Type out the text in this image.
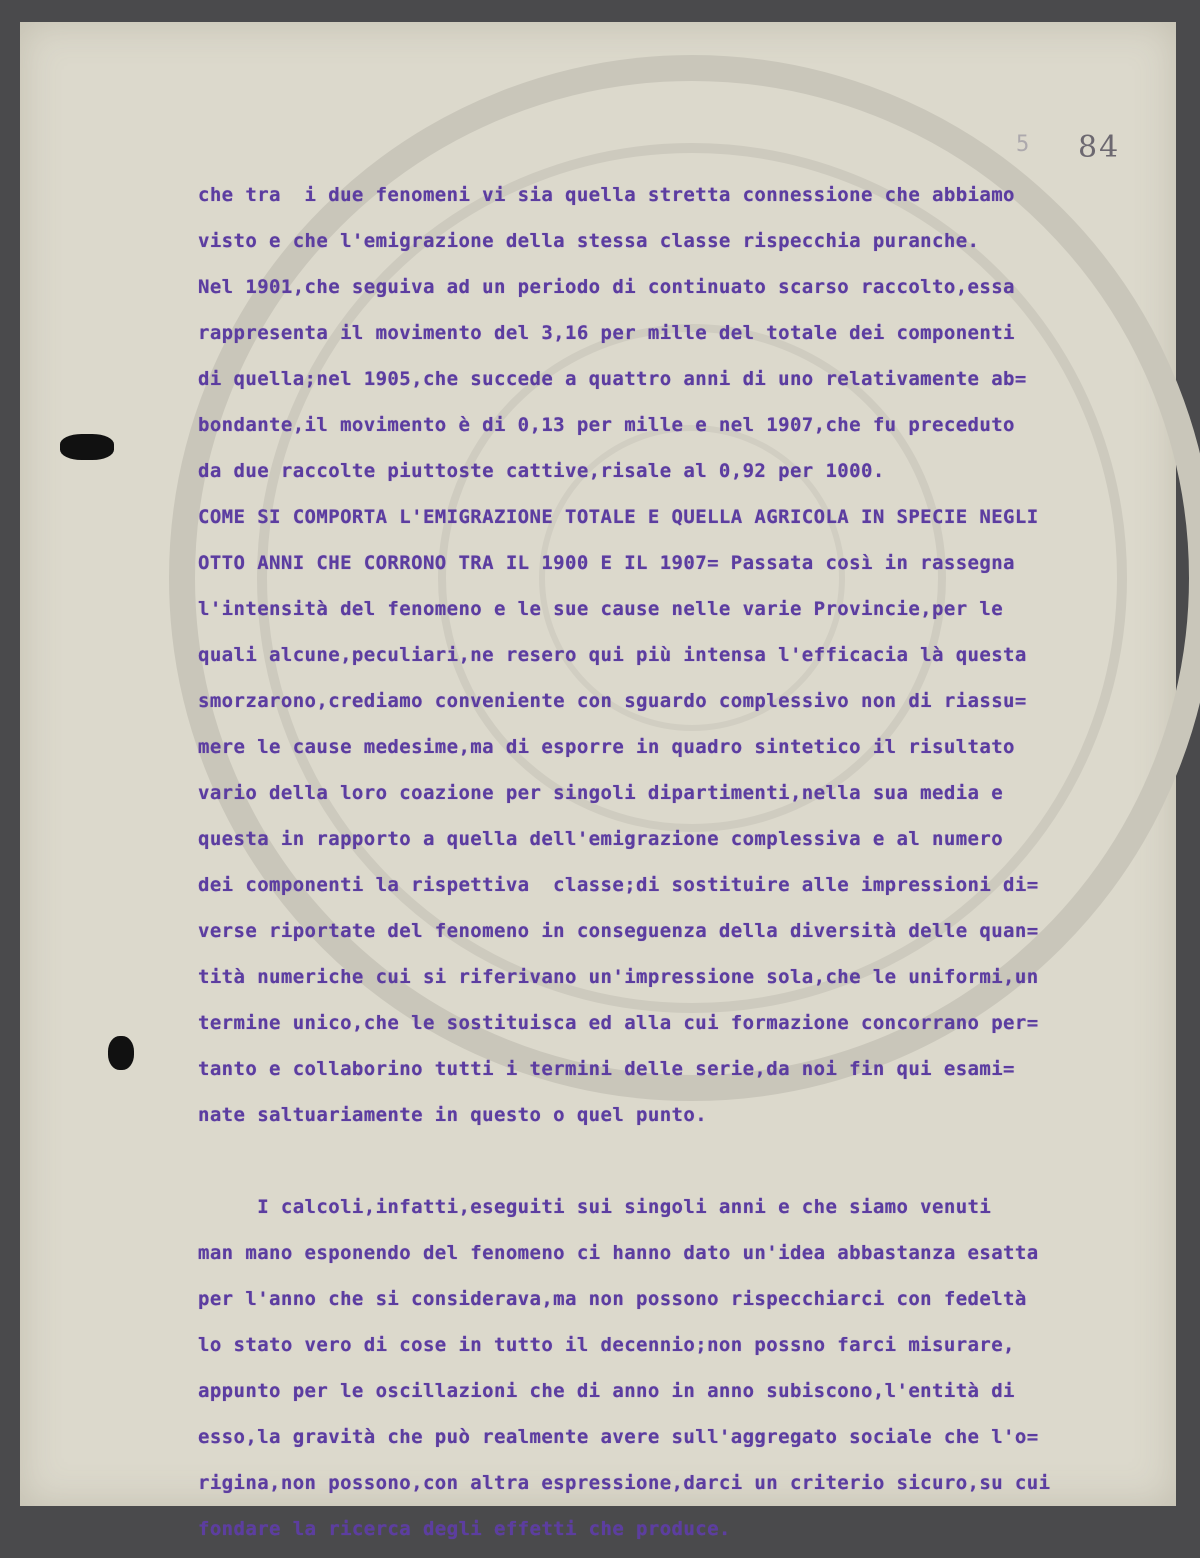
5 84
che tra  i due fenomeni vi sia quella stretta connessione che abbiamo
visto e che l'emigrazione della stessa classe rispecchia puranche.
Nel 1901,che seguiva ad un periodo di continuato scarso raccolto,essa
rappresenta il movimento del 3,16 per mille del totale dei componenti
di quella;nel 1905,che succede a quattro anni di uno relativamente ab=
bondante,il movimento è di 0,13 per mille e nel 1907,che fu preceduto
da due raccolte piuttoste cattive,risale al 0,92 per 1000.
COME SI COMPORTA L'EMIGRAZIONE TOTALE E QUELLA AGRICOLA IN SPECIE NEGLI
OTTO ANNI CHE CORRONO TRA IL 1900 E IL 1907= Passata così in rassegna
l'intensità del fenomeno e le sue cause nelle varie Provincie,per le
quali alcune,peculiari,ne resero qui più intensa l'efficacia là questa
smorzarono,crediamo conveniente con sguardo complessivo non di riassu=
mere le cause medesime,ma di esporre in quadro sintetico il risultato
vario della loro coazione per singoli dipartimenti,nella sua media e
questa in rapporto a quella dell'emigrazione complessiva e al numero
dei componenti la rispettiva  classe;di sostituire alle impressioni di=
verse riportate del fenomeno in conseguenza della diversità delle quan=
tità numeriche cui si riferivano un'impressione sola,che le uniformi,un
termine unico,che le sostituisca ed alla cui formazione concorrano per=
tanto e collaborino tutti i termini delle serie,da noi fin qui esami=
nate saltuariamente in questo o quel punto.
I calcoli,infatti,eseguiti sui singoli anni e che siamo venuti
man mano esponendo del fenomeno ci hanno dato un'idea abbastanza esatta
per l'anno che si considerava,ma non possono rispecchiarci con fedeltà
lo stato vero di cose in tutto il decennio;non possno farci misurare,
appunto per le oscillazioni che di anno in anno subiscono,l'entità di
esso,la gravità che può realmente avere sull'aggregato sociale che l'o=
rigina,non possono,con altra espressione,darci un criterio sicuro,su cui
fondare la ricerca degli effetti che produce.
